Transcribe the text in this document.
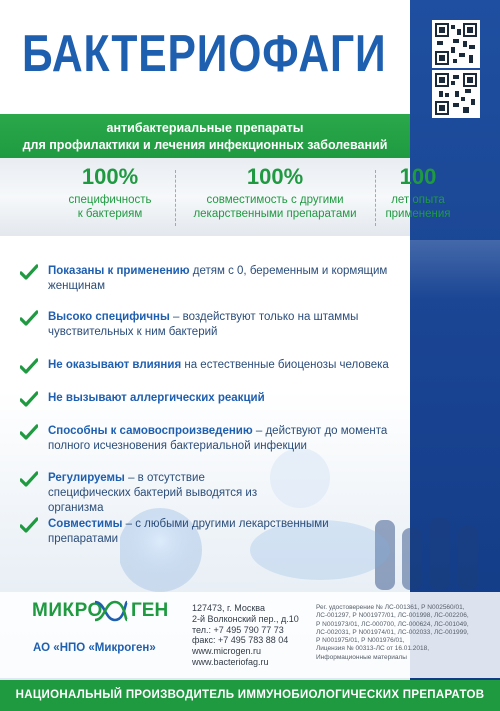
БАКТЕРИОФАГИ
антибактериальные препараты
для профилактики и лечения инфекционных заболеваний
100%
специфичность
к бактериям
100%
совместимость с другими
лекарственными препаратами
100
лет опыта
применения
Показаны к применению детям с 0, беременным и кормящим женщинам
Высоко специфичны – воздействуют только на штаммы чувствительных к ним бактерий
Не оказывают влияния на естественные биоценозы человека
Не вызывают аллергических реакций
Способны к самовоспроизведению – действуют до момента полного исчезновения бактериальной инфекции
Регулируемы – в отсутствие специфических бактерий выводятся из организма
Совместимы – с любыми другими лекарственными препаратами
МИКРО ГЕН
АО «НПО «Микроген»
127473, г. Москва
2-й Волконский пер., д.10
тел.: +7 495 790 77 73
факс: +7 495 783 88 04
www.microgen.ru
www.bacteriofag.ru
Рег. удостоверение № ЛС-001361, Р N002560/01,
ЛС-001297, Р N001977/01, ЛС-001998, ЛС-002206,
Р N001973/01, ЛС-000700, ЛС-000624, ЛС-001049,
ЛС-002031, Р N001974/01, ЛС-002033, ЛС-001999,
Р N001975/01, Р N001976/01,
Лицензия № 00313-ЛС от 16.01.2018,
Информационные материалы
НАЦИОНАЛЬНЫЙ ПРОИЗВОДИТЕЛЬ ИММУНОБИОЛОГИЧЕСКИХ ПРЕПАРАТОВ
